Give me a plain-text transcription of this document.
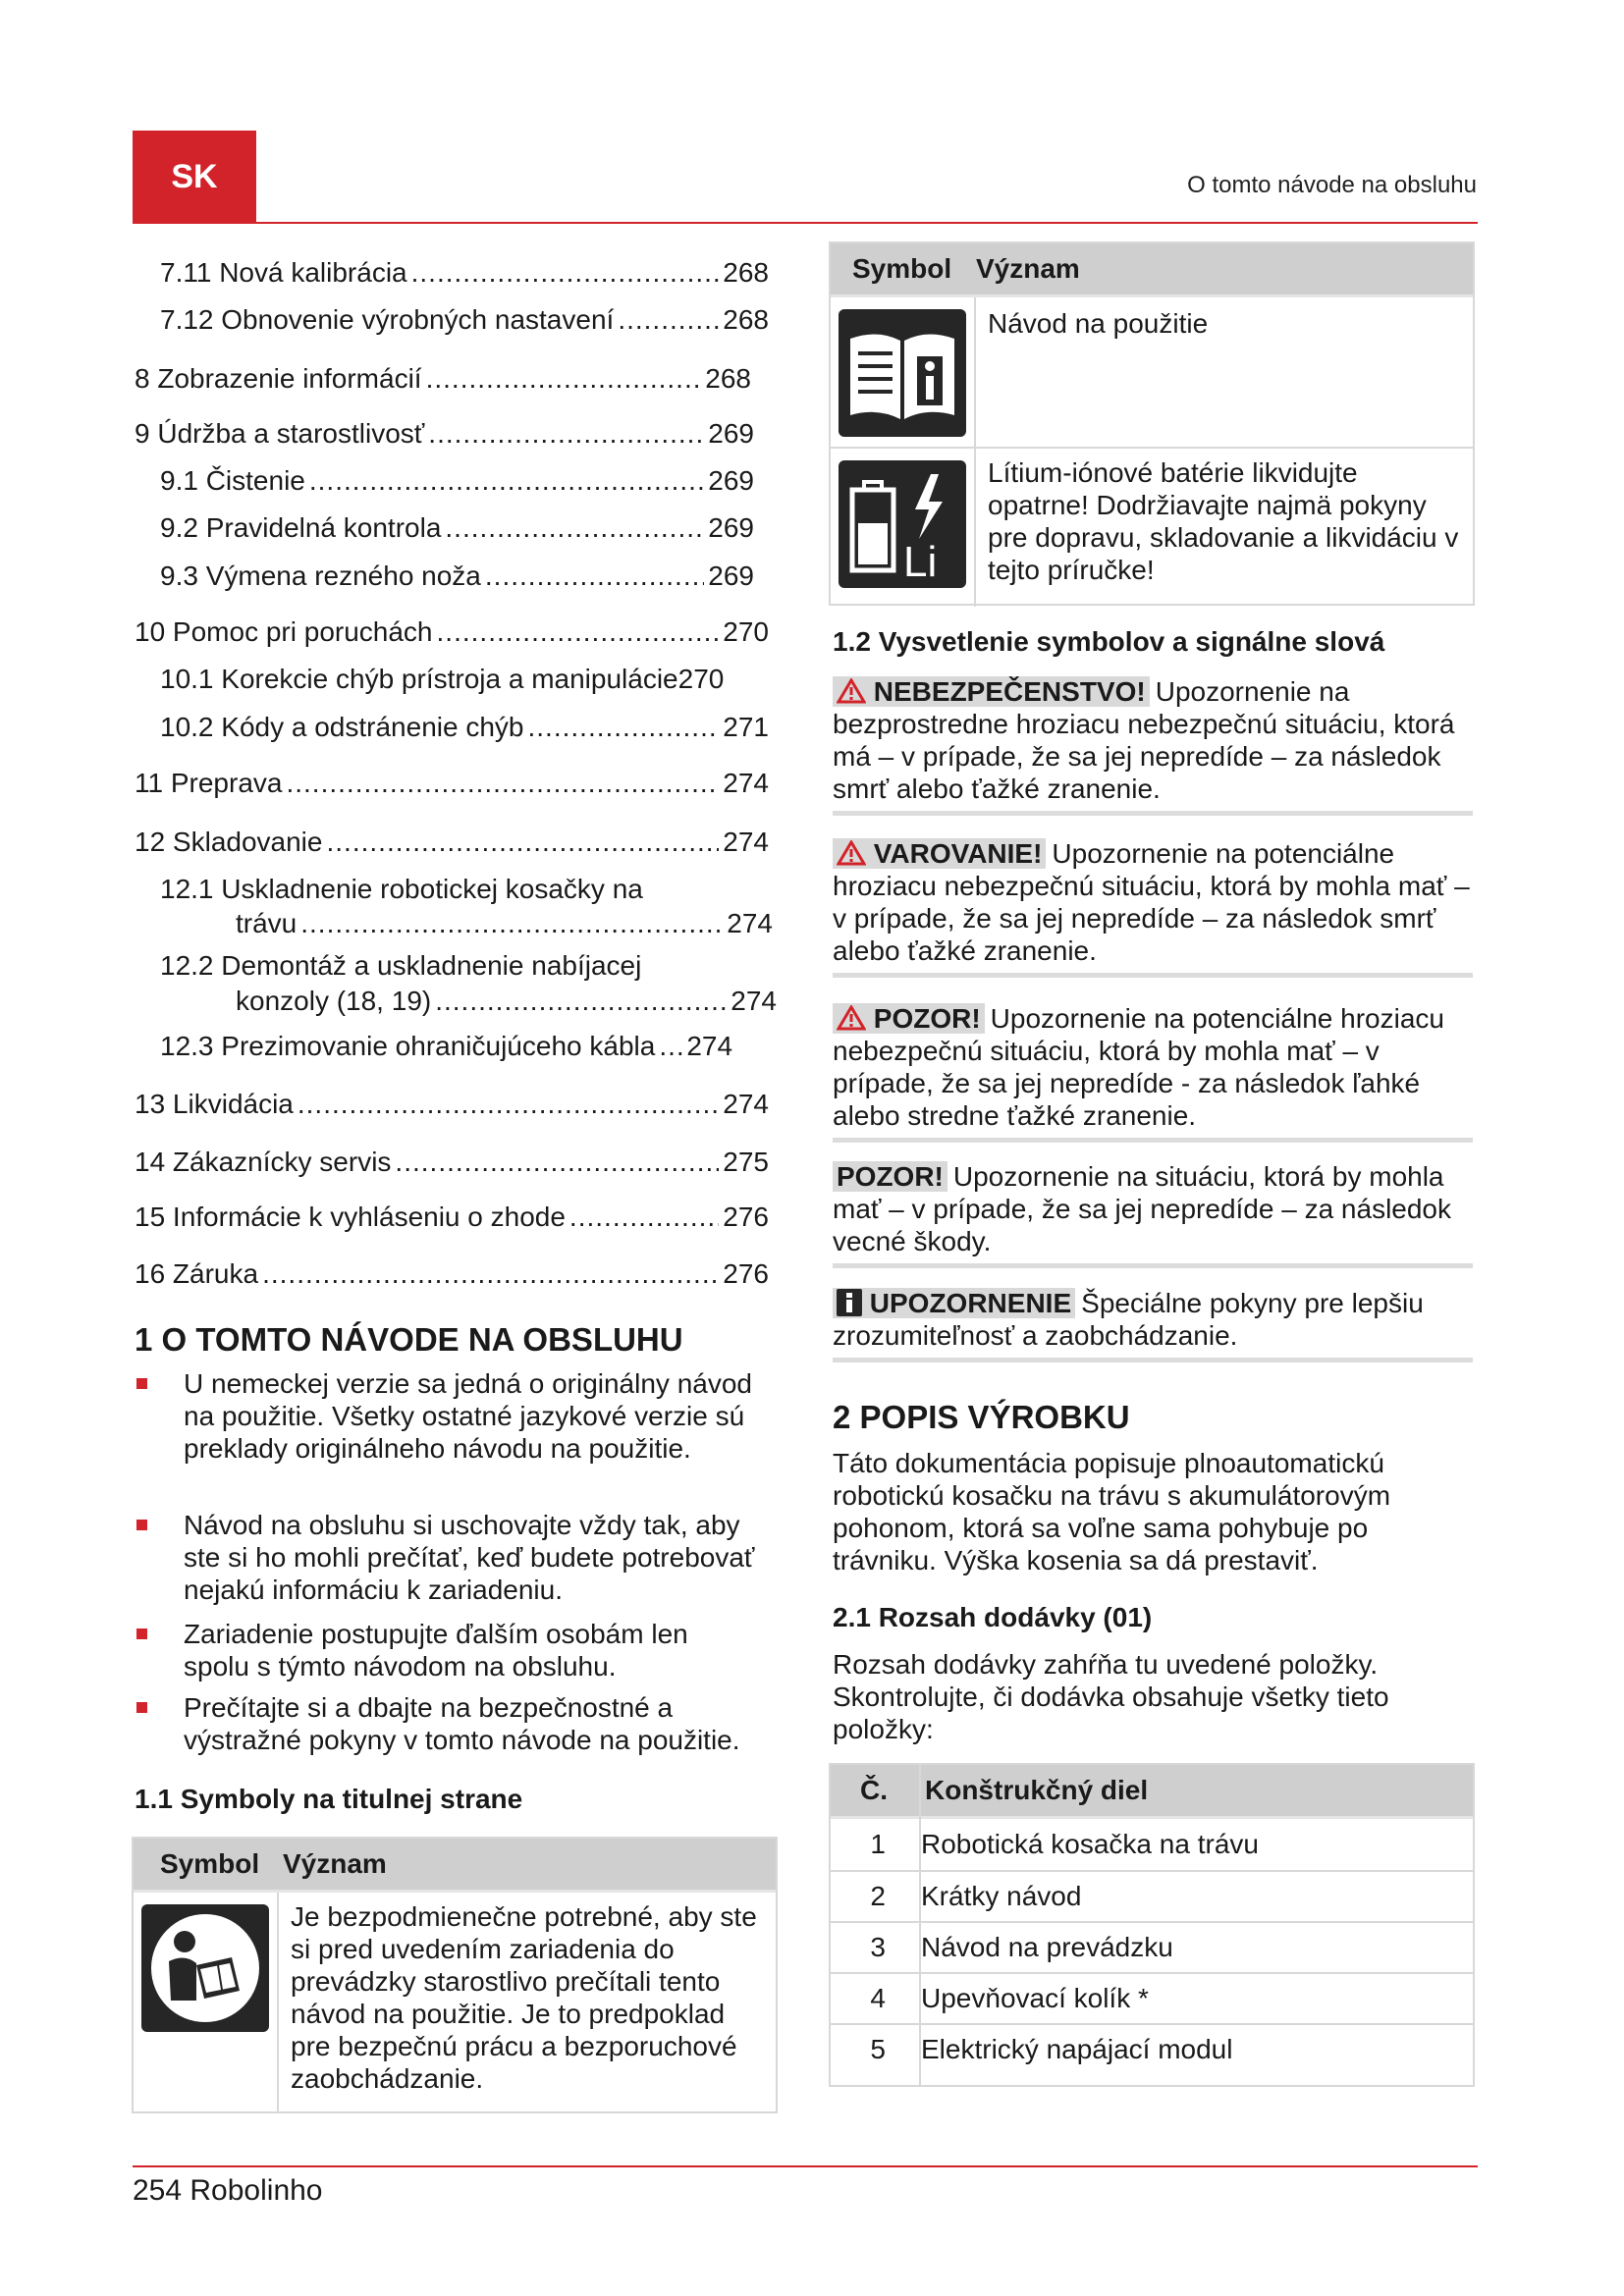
SK	O tomto návode na obsluhu
7.11 Nová kalibrácia .....	268
7.12 Obnovenie výrobných nastavení .....	268
8 Zobrazenie informácií .....	268
9 Údržba a starostlivosť .....	269
9.1 Čistenie .....	269
9.2 Pravidelná kontrola .....	269
9.3 Výmena rezného noža .....	269
10 Pomoc pri poruchách .....	270
10.1 Korekcie chýb prístroja a manipulácie 270
10.2 Kódy a odstránenie chýb .....	271
11 Preprava .....	274
12 Skladovanie .....	274
12.1 Uskladnenie robotickej kosačky na
trávu .....	274
12.2 Demontáž a uskladnenie nabíjacej
konzoly (18, 19) .....	274
12.3 Prezimovanie ohraničujúceho kábla ..... 274
13 Likvidácia .....	274
14 Zákaznícky servis .....	275
15 Informácie k vyhláseniu o zhode .....	276
16 Záruka .....	276
1 O TOMTO NÁVODE NA OBSLUHU
U nemeckej verzie sa jedná o originálny návod na použitie. Všetky ostatné jazykové verzie sú preklady originálneho návodu na použitie.
Návod na obsluhu si uschovajte vždy tak, aby ste si ho mohli prečítať, keď budete potrebovať nejakú informáciu k zariadeniu.
Zariadenie postupujte ďalším osobám len spolu s týmto návodom na obsluhu.
Prečítajte si a dbajte na bezpečnostné a výstražné pokyny v tomto návode na použitie.
1.1 Symboly na titulnej strane
Symbol Význam
Je bezpodmienečne potrebné, aby ste si pred uvedením zariadenia do prevádzky starostlivo prečítali tento návod na použitie. Je to predpoklad pre bezpečnú prácu a bezporuchové zaobchádzanie.
Symbol Význam
Návod na použitie
Li
Lítium-iónové batérie likvidujte opatrne! Dodržiavajte najmä pokyny pre dopravu, skladovanie a likvidáciu v tejto príručke!
1.2 Vysvetlenie symbolov a signálne slová
NEBEZPEČENSTVO! Upozornenie na bezprostredne hroziacu nebezpečnú situáciu, ktorá má – v prípade, že sa jej nepredíde – za následok smrť alebo ťažké zranenie.
VAROVANIE! Upozornenie na potenciálne hroziacu nebezpečnú situáciu, ktorá by mohla mať – v prípade, že sa jej nepredíde – za následok smrť alebo ťažké zranenie.
POZOR! Upozornenie na potenciálne hroziacu nebezpečnú situáciu, ktorá by mohla mať – v prípade, že sa jej nepredíde - za následok ľahké alebo stredne ťažké zranenie.
POZOR! Upozornenie na situáciu, ktorá by mohla mať – v prípade, že sa jej nepredíde – za následok vecné škody.
UPOZORNENIE Špeciálne pokyny pre lepšiu zrozumiteľnosť a zaobchádzanie.
2 POPIS VÝROBKU
Táto dokumentácia popisuje plnoautomatickú robotickú kosačku na trávu s akumulátorovým pohonom, ktorá sa voľne sama pohybuje po trávniku. Výška kosenia sa dá prestaviť.
2.1 Rozsah dodávky (01)
Rozsah dodávky zahŕňa tu uvedené položky. Skontrolujte, či dodávka obsahuje všetky tieto položky:
Č.	Konštrukčný diel
1	Robotická kosačka na trávu
2	Krátky návod
3	Návod na prevádzku
4	Upevňovací kolík *
5	Elektrický napájací modul
254 Robolinho
